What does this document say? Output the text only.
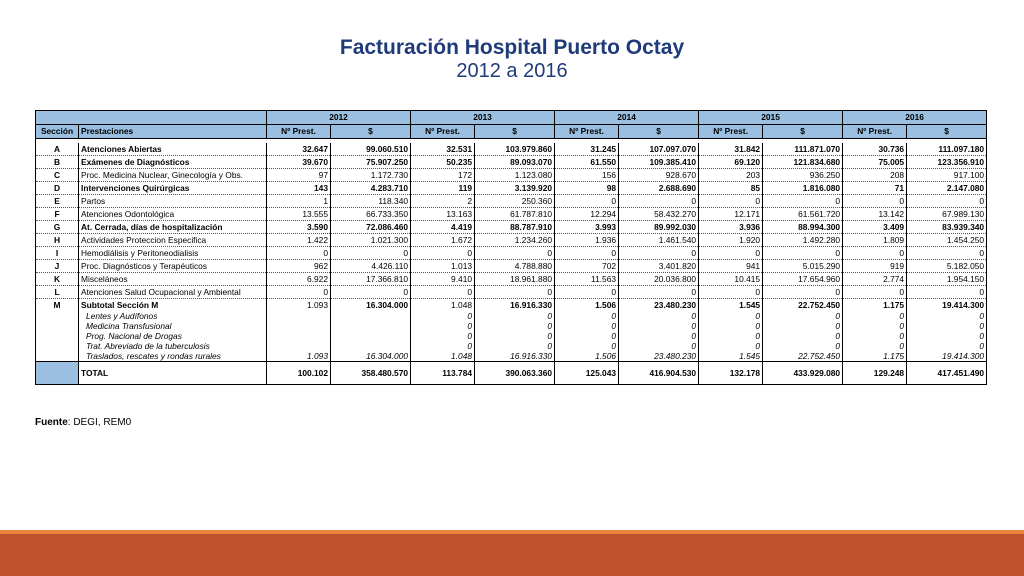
Facturación Hospital Puerto Octay
2012 a 2016
		2012		2013		2014		2015		2016	
Sección	Prestaciones	Nº Prest.	$	Nº Prest.	$	Nº Prest.	$	Nº Prest.	$	Nº Prest.	$

A	Atenciones Abiertas	32.647	99.060.510	32.531	103.979.860	31.245	107.097.070	31.842	111.871.070	30.736	111.097.180
B	Exámenes de Diagnósticos	39.670	75.907.250	50.235	89.093.070	61.550	109.385.410	69.120	121.834.680	75.005	123.356.910
C	Proc. Medicina Nuclear, Ginecología y Obs.	97	1.172.730	172	1.123.080	156	928.670	203	936.250	208	917.100
D	Intervenciones Quirúrgicas	143	4.283.710	119	3.139.920	98	2.688.690	85	1.816.080	71	2.147.080
E	Partos	1	118.340	2	250.360	0	0	0	0	0	0
F	Atenciones Odontológica	13.555	66.733.350	13.163	61.787.810	12.294	58.432.270	12.171	61.561.720	13.142	67.989.130
G	At. Cerrada, días de hospitalización	3.590	72.086.460	4.419	88.787.910	3.993	89.992.030	3.936	88.994.300	3.409	83.939.340
H	Actividades Proteccion Especifica	1.422	1.021.300	1.672	1.234.260	1.936	1.461.540	1.920	1.492.280	1.809	1.454.250
I	Hemodiálisis y Peritoneodialisis	0	0	0	0	0	0	0	0	0	0
J	Proc. Diagnósticos y Terapéuticos	962	4.426.110	1.013	4.788.880	702	3.401.820	941	5.015.290	919	5.182.050
K	Misceláneos	6.922	17.366.810	9.410	18.961.880	11.563	20.036.800	10.415	17.654.960	2.774	1.954.150
L	Atenciones Salud Ocupacional y Ambiental	0	0	0	0	0	0	0	0	0	0
M	Subtotal Sección M	1.093	16.304.000	1.048	16.916.330	1.506	23.480.230	1.545	22.752.450	1.175	19.414.300
	Lentes y Audífonos			0	0	0	0	0	0	0	0
	Medicina Transfusional			0	0	0	0	0	0	0	0
	Prog. Nacional de Drogas			0	0	0	0	0	0	0	0
	Trat. Abreviado de la tuberculosis			0	0	0	0	0	0	0	0
	Traslados, rescates y rondas rurales	1.093	16.304.000	1.048	16.916.330	1.506	23.480.230	1.545	22.752.450	1.175	19.414.300
	TOTAL	100.102	358.480.570	113.784	390.063.360	125.043	416.904.530	132.178	433.929.080	129.248	417.451.490
Fuente: DEGI, REM0
